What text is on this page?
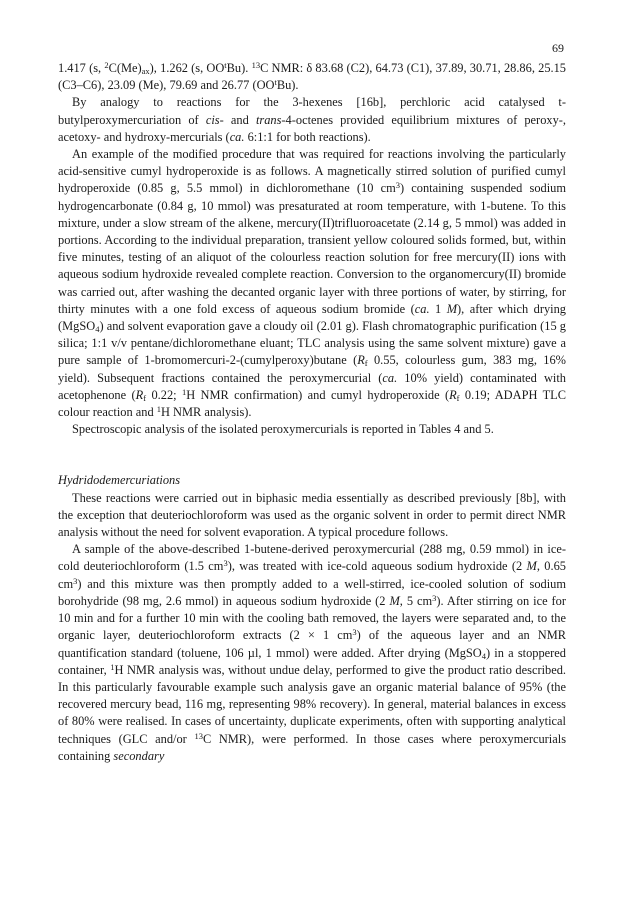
69

1.417 (s, $^2C(Me)_{ax}$), 1.262 (s, $OO^tBu$). $^{13}$C NMR: δ 83.68 (C2), 64.73 (C1), 37.89, 30.71, 28.86, 25.15 (C3–C6), 23.09 (Me), 79.69 and 26.77 $(OO^tBu)$.

By analogy to reactions for the 3-hexenes [16b], perchloric acid catalysed t-butylperoxymercuriation of cis- and trans-4-octenes provided equilibrium mixtures of peroxy-, acetoxy- and hydroxy-mercurials (ca. 6:1:1 for both reactions).

An example of the modified procedure that was required for reactions involving the particularly acid-sensitive cumyl hydroperoxide is as follows. A magnetically stirred solution of purified cumyl hydroperoxide (0.85 g, 5.5 mmol) in dichloromethane (10 $cm^3$) containing suspended sodium hydrogencarbonate (0.84 g, 10 mmol) was presaturated at room temperature, with 1-butene. To this mixture, under a slow stream of the alkene, mercury(II)trifluoroacetate (2.14 g, 5 mmol) was added in portions. According to the individual preparation, transient yellow coloured solids formed, but, within five minutes, testing of an aliquot of the colourless reaction solution for free mercury(II) ions with aqueous sodium hydroxide revealed complete reaction. Conversion to the organomercury(II) bromide was carried out, after washing the decanted organic layer with three portions of water, by stirring, for thirty minutes with a one fold excess of aqueous sodium bromide (ca. 1 M), after which drying (MgSO$_4$) and solvent evaporation gave a cloudy oil (2.01 g). Flash chromatographic purification (15 g silica; 1:1 v/v pentane/dichloromethane eluant; TLC analysis using the same solvent mixture) gave a pure sample of 1-bromomercuri-2-(cumylperoxy)butane ($R_f$ 0.55, colourless gum, 383 mg, 16% yield). Subsequent fractions contained the peroxymercurial (ca. 10% yield) contaminated with acetophenone ($R_f$ 0.22; $^1$H NMR confirmation) and cumyl hydroperoxide ($R_f$ 0.19; ADAPH TLC colour reaction and $^1$H NMR analysis).

Spectroscopic analysis of the isolated peroxymercurials is reported in Tables 4 and 5.

Hydridodemercuriations

These reactions were carried out in biphasic media essentially as described previously [8b], with the exception that deuteriochloroform was used as the organic solvent in order to permit direct NMR analysis without the need for solvent evaporation. A typical procedure follows.

A sample of the above-described 1-butene-derived peroxymercurial (288 mg, 0.59 mmol) in ice-cold deuteriochloroform (1.5 $cm^3$), was treated with ice-cold aqueous sodium hydroxide (2 M, 0.65 $cm^3$) and this mixture was then promptly added to a well-stirred, ice-cooled solution of sodium borohydride (98 mg, 2.6 mmol) in aqueous sodium hydroxide (2 M, 5 $cm^3$). After stirring on ice for 10 min and for a further 10 min with the cooling bath removed, the layers were separated and, to the organic layer, deuteriochloroform extracts (2 × 1 $cm^3$) of the aqueous layer and an NMR quantification standard (toluene, 106 µl, 1 mmol) were added. After drying (MgSO$_4$) in a stoppered container, $^1$H NMR analysis was, without undue delay, performed to give the product ratio described. In this particularly favourable example such analysis gave an organic material balance of 95% (the recovered mercury bead, 116 mg, representing 98% recovery). In general, material balances in excess of 80% were realised. In cases of uncertainty, duplicate experiments, often with supporting analytical techniques (GLC and/or $^{13}$C NMR), were performed. In those cases where peroxymercurials containing secondary
